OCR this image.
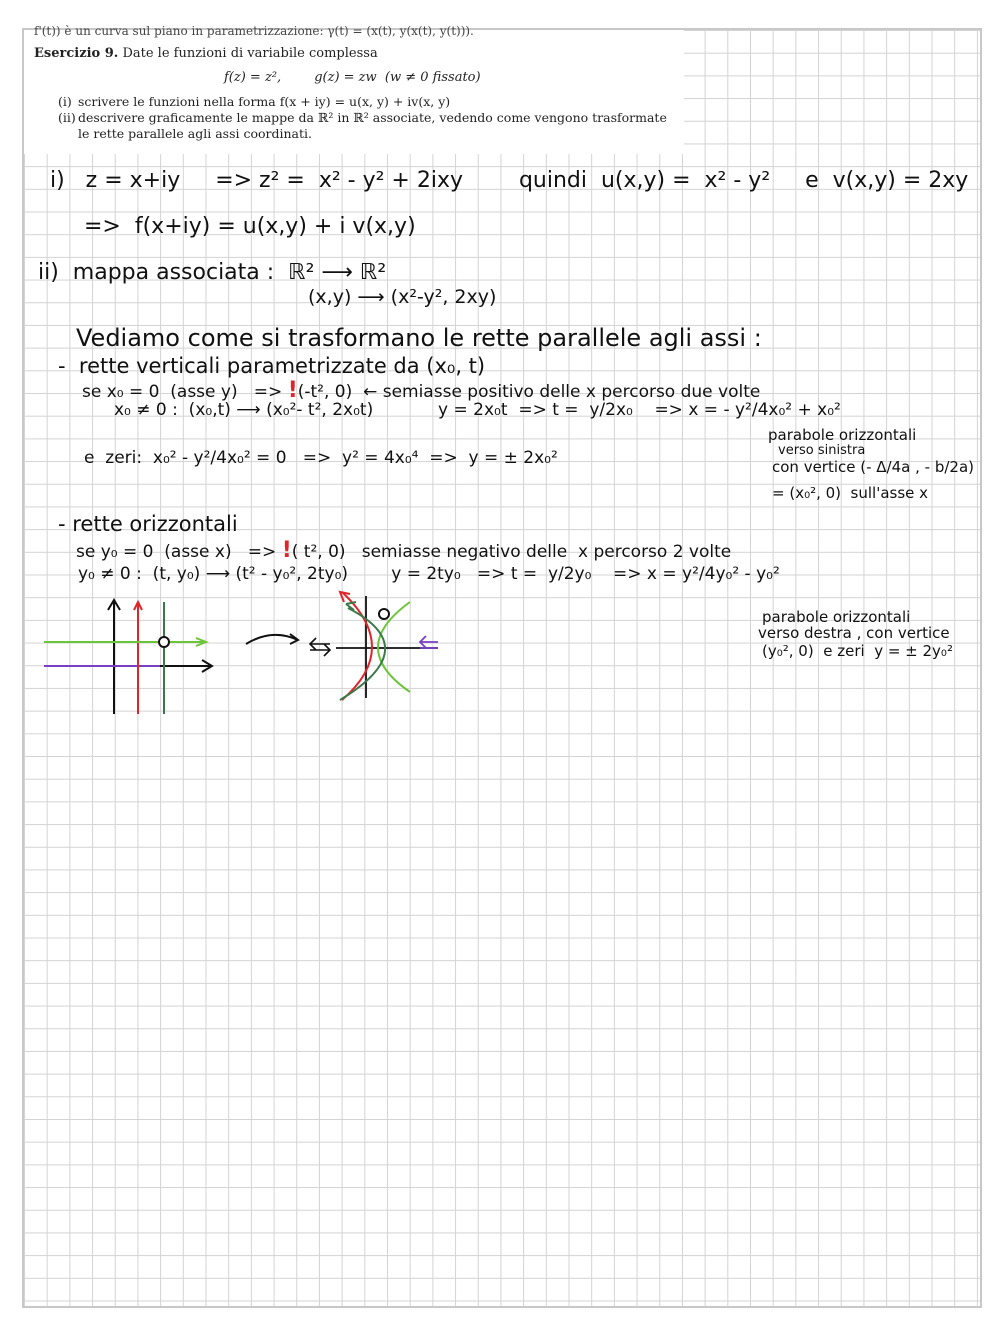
f'(t)) è un curva sul piano in parametrizzazione: γ(t) = (x(t), y(x(t), y(t))).
Esercizio 9. Date le funzioni di variabile complessa
f(z) = z²,        g(z) = zw  (w ≠ 0 fissato)
(i) scrivere le funzioni nella forma f(x + iy) = u(x, y) + iv(x, y)
(ii) descrivere graficamente le mappe da ℝ² in ℝ² associate, vedendo come vengono trasformate le rette parallele agli assi coordinati.
i)   z = x+iy     => z² =  x² - y² + 2ixy        quindi  u(x,y) =  x² - y²     e  v(x,y) = 2xy
=>  f(x+iy) = u(x,y) + i v(x,y)
ii)  mappa associata :  ℝ² ⟶ ℝ²
(x,y) ⟶ (x²-y², 2xy)
Vediamo come si trasformano le rette parallele agli assi :
-  rette verticali parametrizzate da (x₀, t)
se x₀ = 0  (asse y)   => !(-t², 0)  ← semiasse positivo delle x percorso due volte
x₀ ≠ 0 :  (x₀,t) ⟶ (x₀²- t², 2x₀t)            y = 2x₀t  => t =  y/2x₀    => x = - y²/4x₀² + x₀²
e  zeri:  x₀² - y²/4x₀² = 0   =>  y² = 4x₀⁴  =>  y = ± 2x₀²
parabole orizzontali
verso sinistra
con vertice (- Δ/4a , - b/2a)
= (x₀², 0)  sull'asse x
- rette orizzontali
se y₀ = 0  (asse x)   => !( t², 0)   semiasse negativo delle  x percorso 2 volte
y₀ ≠ 0 :  (t, y₀) ⟶ (t² - y₀², 2ty₀)        y = 2ty₀   => t =  y/2y₀    => x = y²/4y₀² - y₀²
parabole orizzontali
verso destra , con vertice
(y₀², 0)  e zeri  y = ± 2y₀²
